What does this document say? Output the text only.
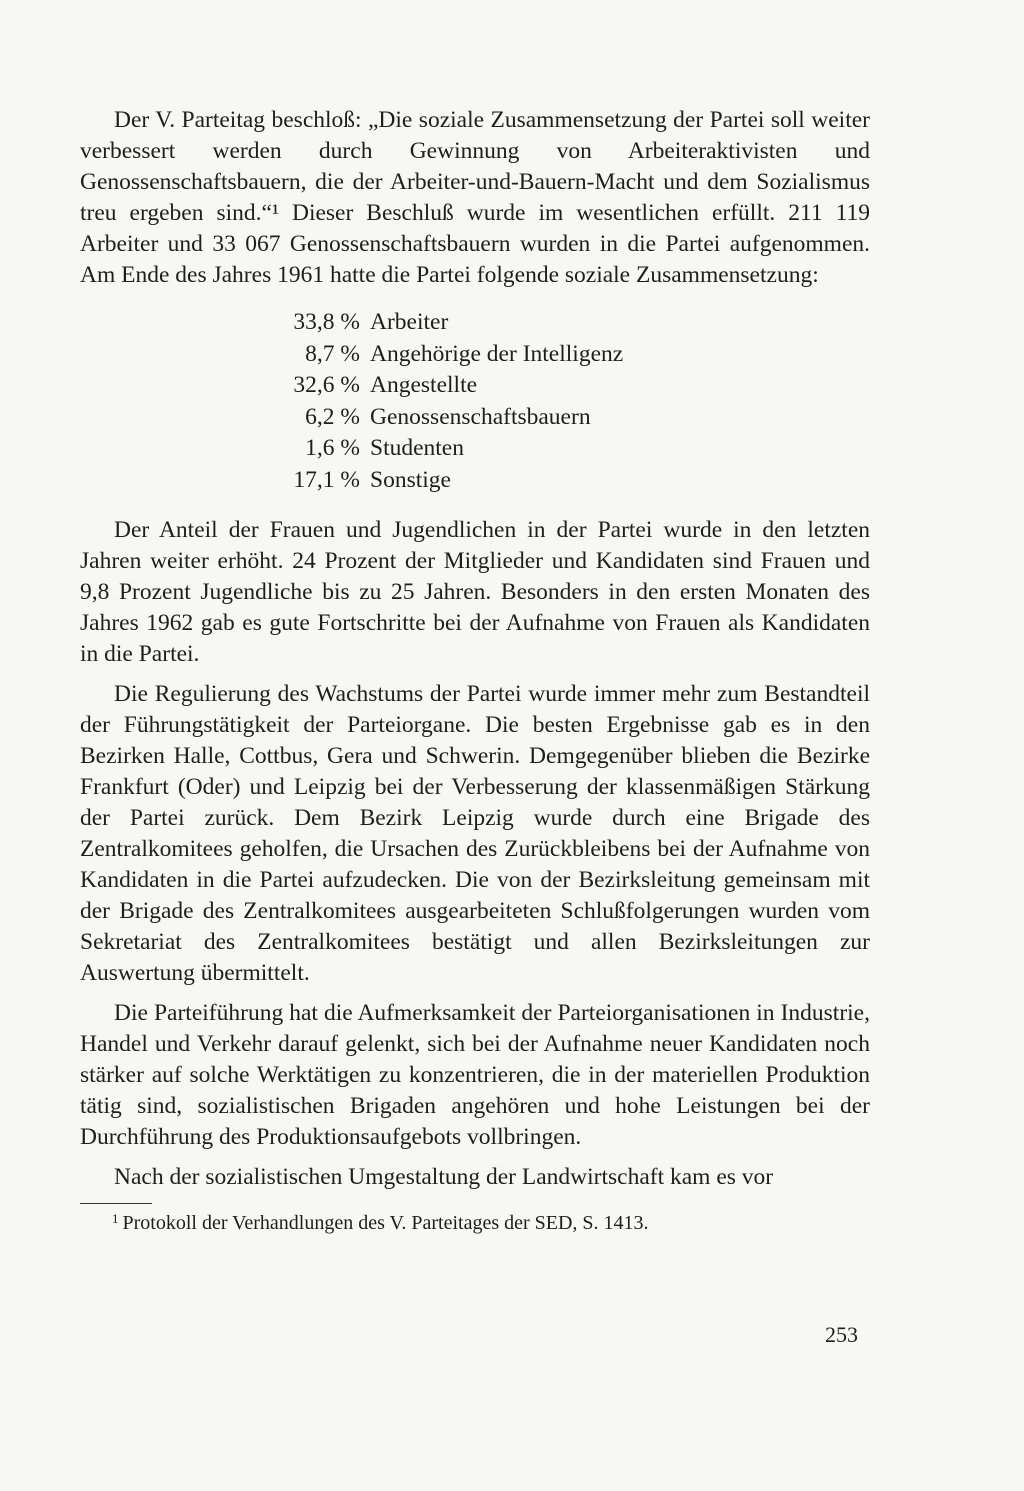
Der V. Parteitag beschloß: „Die soziale Zusammensetzung der Partei soll weiter verbessert werden durch Gewinnung von Arbeiteraktivisten und Genossenschaftsbauern, die der Arbeiter-und-Bauern-Macht und dem Sozialismus treu ergeben sind.“¹ Dieser Beschluß wurde im wesentlichen erfüllt. 211 119 Arbeiter und 33 067 Genossenschaftsbauern wurden in die Partei aufgenommen. Am Ende des Jahres 1961 hatte die Partei folgende soziale Zusammensetzung:

33,8 % Arbeiter
8,7 % Angehörige der Intelligenz
32,6 % Angestellte
6,2 % Genossenschaftsbauern
1,6 % Studenten
17,1 % Sonstige

Der Anteil der Frauen und Jugendlichen in der Partei wurde in den letzten Jahren weiter erhöht. 24 Prozent der Mitglieder und Kandidaten sind Frauen und 9,8 Prozent Jugendliche bis zu 25 Jahren. Besonders in den ersten Monaten des Jahres 1962 gab es gute Fortschritte bei der Aufnahme von Frauen als Kandidaten in die Partei.

Die Regulierung des Wachstums der Partei wurde immer mehr zum Bestandteil der Führungstätigkeit der Parteiorgane. Die besten Ergebnisse gab es in den Bezirken Halle, Cottbus, Gera und Schwerin. Demgegenüber blieben die Bezirke Frankfurt (Oder) und Leipzig bei der Verbesserung der klassenmäßigen Stärkung der Partei zurück. Dem Bezirk Leipzig wurde durch eine Brigade des Zentralkomitees geholfen, die Ursachen des Zurückbleibens bei der Aufnahme von Kandidaten in die Partei aufzudecken. Die von der Bezirksleitung gemeinsam mit der Brigade des Zentralkomitees ausgearbeiteten Schlußfolgerungen wurden vom Sekretariat des Zentralkomitees bestätigt und allen Bezirksleitungen zur Auswertung übermittelt.

Die Parteiführung hat die Aufmerksamkeit der Parteiorganisationen in Industrie, Handel und Verkehr darauf gelenkt, sich bei der Aufnahme neuer Kandidaten noch stärker auf solche Werktätigen zu konzentrieren, die in der materiellen Produktion tätig sind, sozialistischen Brigaden angehören und hohe Leistungen bei der Durchführung des Produktionsaufgebots vollbringen.

Nach der sozialistischen Umgestaltung der Landwirtschaft kam es vor

$^1$ Protokoll der Verhandlungen des V. Parteitages der SED, S. 1413.
253
